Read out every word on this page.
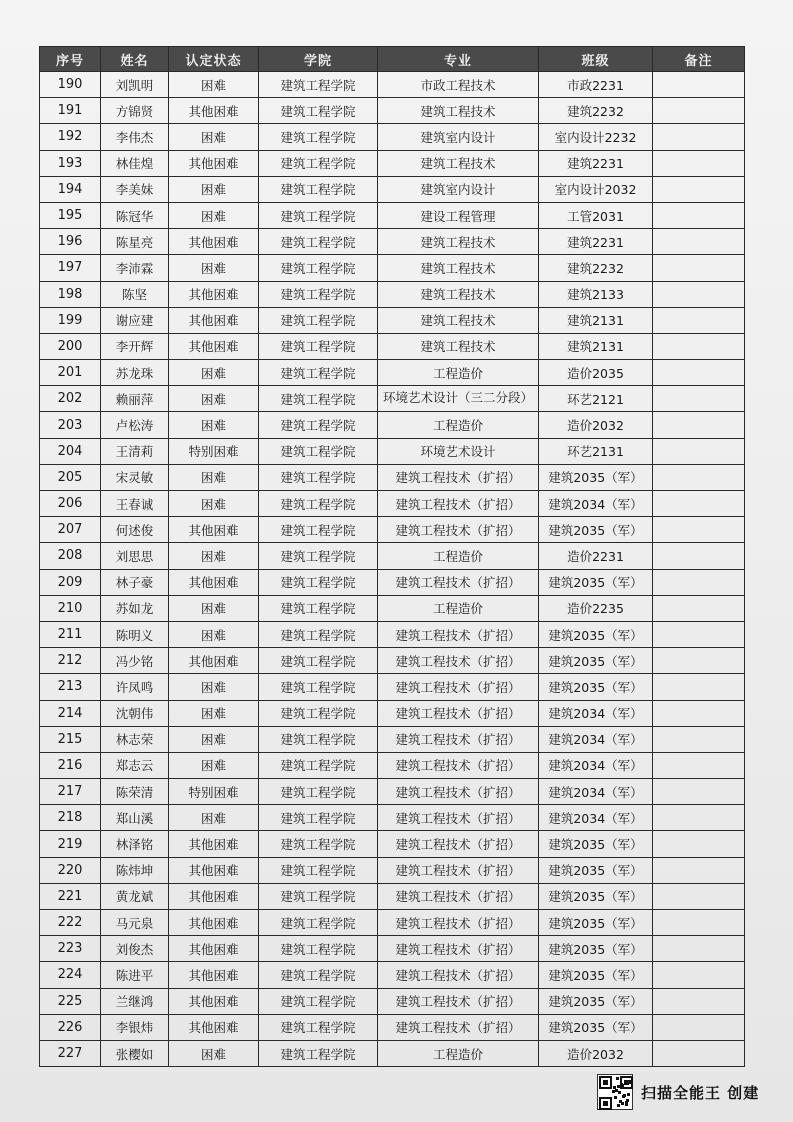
序号	姓名	认定状态	学院	专业	班级	备注
190	刘凯明	困难	建筑工程学院	市政工程技术	市政2231	
191	方锦贤	其他困难	建筑工程学院	建筑工程技术	建筑2232	
192	李伟杰	困难	建筑工程学院	建筑室内设计	室内设计2232	
193	林佳煌	其他困难	建筑工程学院	建筑工程技术	建筑2231	
194	李美妹	困难	建筑工程学院	建筑室内设计	室内设计2032	
195	陈冠华	困难	建筑工程学院	建设工程管理	工管2031	
196	陈星亮	其他困难	建筑工程学院	建筑工程技术	建筑2231	
197	李沛霖	困难	建筑工程学院	建筑工程技术	建筑2232	
198	陈坚	其他困难	建筑工程学院	建筑工程技术	建筑2133	
199	谢应建	其他困难	建筑工程学院	建筑工程技术	建筑2131	
200	李开辉	其他困难	建筑工程学院	建筑工程技术	建筑2131	
201	苏龙珠	困难	建筑工程学院	工程造价	造价2035	
202	赖丽萍	困难	建筑工程学院	环境艺术设计（三二分段）	环艺2121	
203	卢松涛	困难	建筑工程学院	工程造价	造价2032	
204	王清莉	特别困难	建筑工程学院	环境艺术设计	环艺2131	
205	宋灵敏	困难	建筑工程学院	建筑工程技术（扩招）	建筑2035（军）	
206	王春诚	困难	建筑工程学院	建筑工程技术（扩招）	建筑2034（军）	
207	何述俊	其他困难	建筑工程学院	建筑工程技术（扩招）	建筑2035（军）	
208	刘思思	困难	建筑工程学院	工程造价	造价2231	
209	林子豪	其他困难	建筑工程学院	建筑工程技术（扩招）	建筑2035（军）	
210	苏如龙	困难	建筑工程学院	工程造价	造价2235	
211	陈明义	困难	建筑工程学院	建筑工程技术（扩招）	建筑2035（军）	
212	冯少铭	其他困难	建筑工程学院	建筑工程技术（扩招）	建筑2035（军）	
213	许凤鸣	困难	建筑工程学院	建筑工程技术（扩招）	建筑2035（军）	
214	沈朝伟	困难	建筑工程学院	建筑工程技术（扩招）	建筑2034（军）	
215	林志荣	困难	建筑工程学院	建筑工程技术（扩招）	建筑2034（军）	
216	郑志云	困难	建筑工程学院	建筑工程技术（扩招）	建筑2034（军）	
217	陈荣清	特别困难	建筑工程学院	建筑工程技术（扩招）	建筑2034（军）	
218	郑山溪	困难	建筑工程学院	建筑工程技术（扩招）	建筑2034（军）	
219	林泽铭	其他困难	建筑工程学院	建筑工程技术（扩招）	建筑2035（军）	
220	陈炜坤	其他困难	建筑工程学院	建筑工程技术（扩招）	建筑2035（军）	
221	黄龙斌	其他困难	建筑工程学院	建筑工程技术（扩招）	建筑2035（军）	
222	马元泉	其他困难	建筑工程学院	建筑工程技术（扩招）	建筑2035（军）	
223	刘俊杰	其他困难	建筑工程学院	建筑工程技术（扩招）	建筑2035（军）	
224	陈进平	其他困难	建筑工程学院	建筑工程技术（扩招）	建筑2035（军）	
225	兰继鸿	其他困难	建筑工程学院	建筑工程技术（扩招）	建筑2035（军）	
226	李银炜	其他困难	建筑工程学院	建筑工程技术（扩招）	建筑2035（军）	
227	张樱如	困难	建筑工程学院	工程造价	造价2032	
扫描全能王 创建
